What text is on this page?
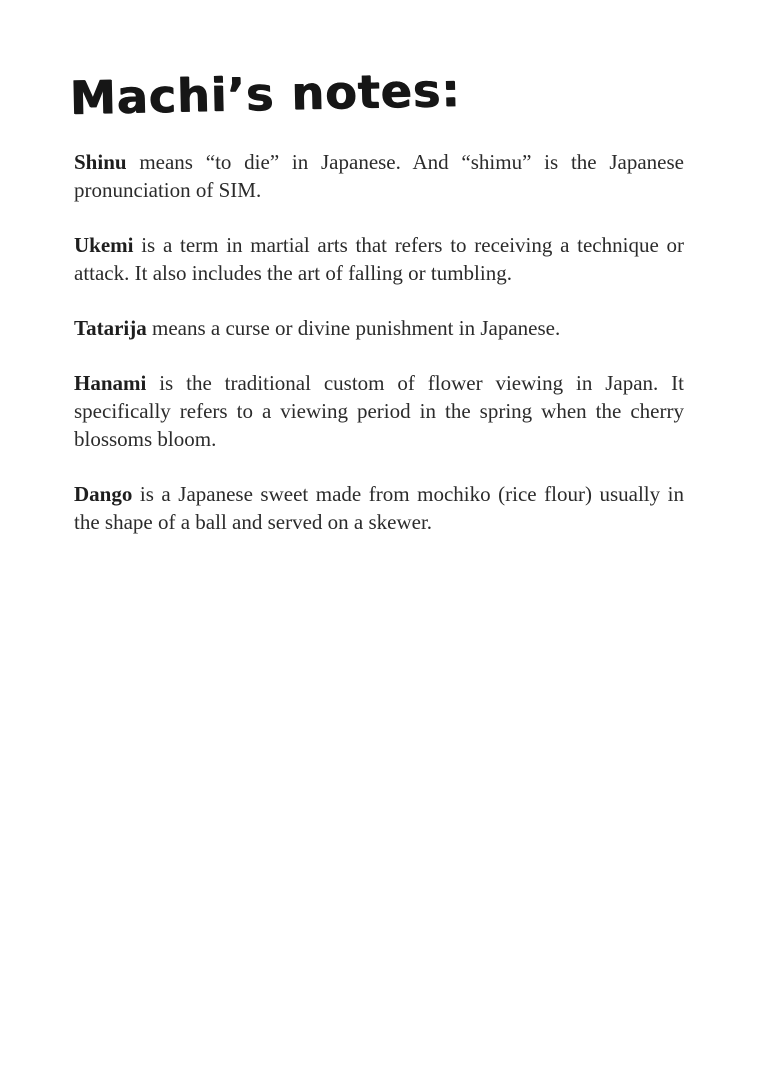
Machi’s notes:

Shinu means “to die” in Japanese. And “shimu” is the Japanese pronunciation of SIM.

Ukemi is a term in martial arts that refers to receiving a technique or attack. It also includes the art of falling or tumbling.

Tatarija means a curse or divine punishment in Japanese.

Hanami is the traditional custom of flower viewing in Japan. It specifically refers to a viewing period in the spring when the cherry blossoms bloom.

Dango is a Japanese sweet made from mochiko (rice flour) usually in the shape of a ball and served on a skewer.
